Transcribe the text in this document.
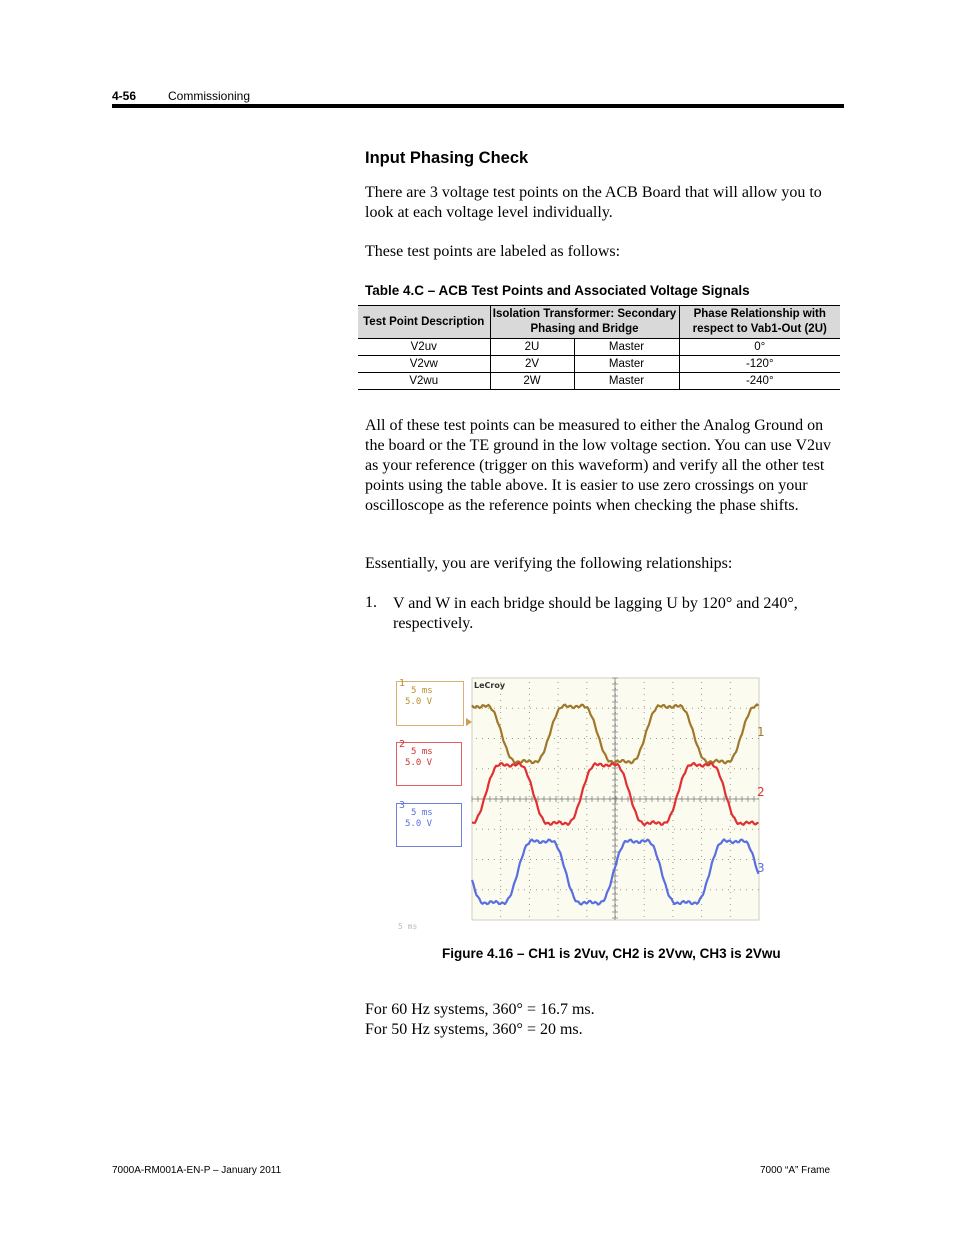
4-56	Commissioning
Input Phasing Check
There are 3 voltage test points on the ACB Board that will allow you to look at each voltage level individually.
These test points are labeled as follows:
Table 4.C – ACB Test Points and Associated Voltage Signals
Test Point Description	Isolation Transformer: Secondary Phasing and Bridge		Phase Relationship with respect to Vab1-Out (2U)
V2uv	2U	Master	0°
V2vw	2V	Master	-120°
V2wu	2W	Master	-240°
All of these test points can be measured to either the Analog Ground on the board or the TE ground in the low voltage section. You can use V2uv as your reference (trigger on this waveform) and verify all the other test points using the table above. It is easier to use zero crossings on your oscilloscope as the reference points when checking the phase shifts.
Essentially, you are verifying the following relationships:
1. V and W in each bridge should be lagging U by 120° and 240°, respectively.
1
5 ms
5.0 V
2
5 ms
5.0 V
3
5 ms
5.0 V
5 ms
LeCroy
1
2
3
Figure 4.16 – CH1 is 2Vuv, CH2 is 2Vvw, CH3 is 2Vwu
For 60 Hz systems, 360° = 16.7 ms.
For 50 Hz systems, 360° = 20 ms.
7000A-RM001A-EN-P – January 2011	7000 “A” Frame
